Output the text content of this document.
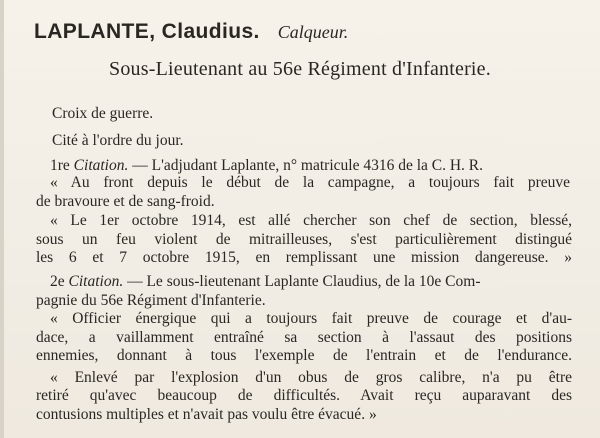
LAPLANTE, Claudius. Calqueur.
Sous-Lieutenant au 56e Régiment d'Infanterie.
Croix de guerre.
Cité à l'ordre du jour.
1re Citation. — L'adjudant Laplante, n° matricule 4316 de la C. H. R.
« Au front depuis le début de la campagne, a toujours fait preuve
de bravoure et de sang-froid.
« Le 1er octobre 1914, est allé chercher son chef de section, blessé,
sous un feu violent de mitrailleuses, s'est particulièrement distingué
les 6 et 7 octobre 1915, en remplissant une mission dangereuse. »
2e Citation. — Le sous-lieutenant Laplante Claudius, de la 10e Com-
pagnie du 56e Régiment d'Infanterie.
« Officier énergique qui a toujours fait preuve de courage et d'au-
dace, a vaillamment entraîné sa section à l'assaut des positions
ennemies, donnant à tous l'exemple de l'entrain et de l'endurance.
« Enlevé par l'explosion d'un obus de gros calibre, n'a pu être
retiré qu'avec beaucoup de difficultés. Avait reçu auparavant des
contusions multiples et n'avait pas voulu être évacué. »
